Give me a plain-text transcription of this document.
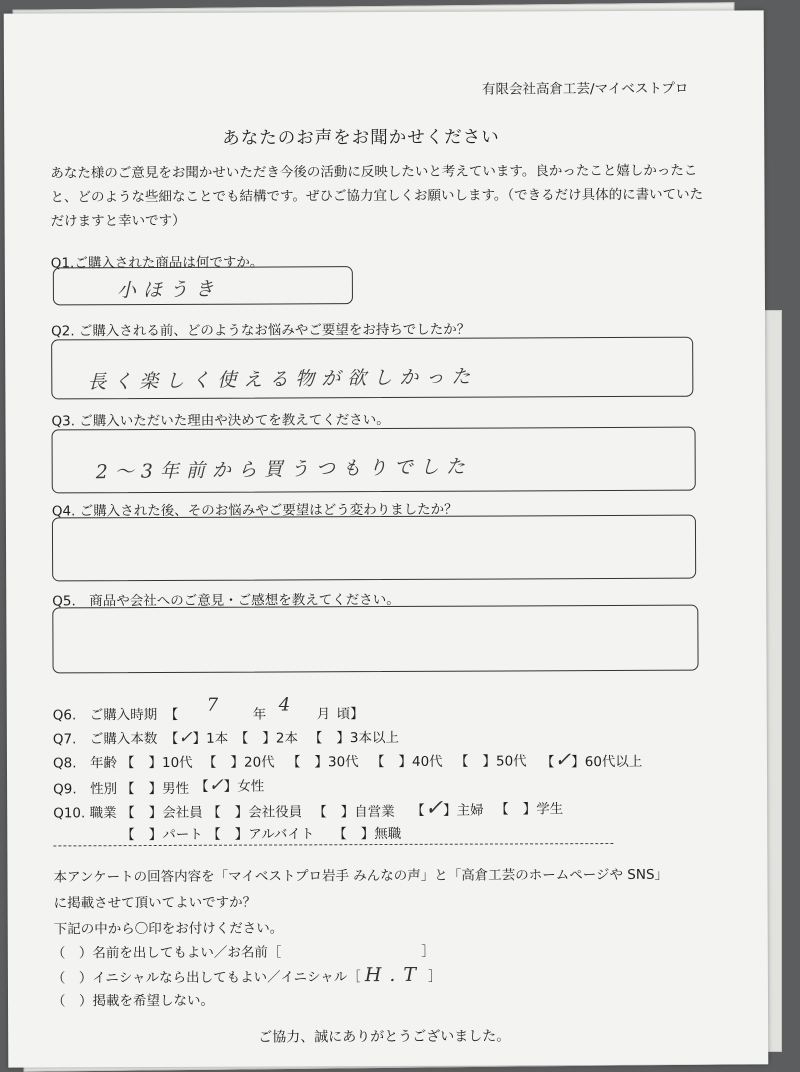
有限会社高倉工芸/マイベストプロ
あなたのお声をお聞かせください
あなた様のご意見をお聞かせいただき今後の活動に反映したいと考えています。良かったこと嬉しかったこと、どのような些細なことでも結構です。ぜひご協力宜しくお願いします。（できるだけ具体的に書いていただけますと幸いです）
Q1.ご購入された商品は何ですか。
小ほうき
Q2. ご購入される前、どのようなお悩みやご要望をお持ちでしたか？
長く楽しく使える物が欲しかった
Q3. ご購入いただいた理由や決めてを教えてください。
2〜3年前から買うつもりでした
Q4. ご購入された後、そのお悩みやご要望はどう変わりましたか？
Q5.　商品や会社へのご意見・ご感想を教えてください。
Q6.　ご購入時期 【 7	年 4 月 頃】
Q7.　ご購入本数 【✓】1本 【 】2本 【 】3本以上
Q8.　年齢 【 】10代 【 】20代 【 】30代 【 】40代 【 】50代 【✓】60代以上
Q9.　性別 【 】男性 【✓】女性
Q10. 職業 【 】会社員 【 】会社役員 【 】自営業 【✓】主婦 【 】学生
【 】パート 【 】アルバイト 【 】無職
本アンケートの回答内容を「マイベストプロ岩手 みんなの声」と「高倉工芸のホームページや SNS」
に掲載させて頂いてよいですか？
下記の中から〇印をお付けください。
（　）名前を出してもよい／お名前［	］
（　）イニシャルなら出してもよい／イニシャル［ H.T ］
（　）掲載を希望しない。
ご協力、誠にありがとうございました。
